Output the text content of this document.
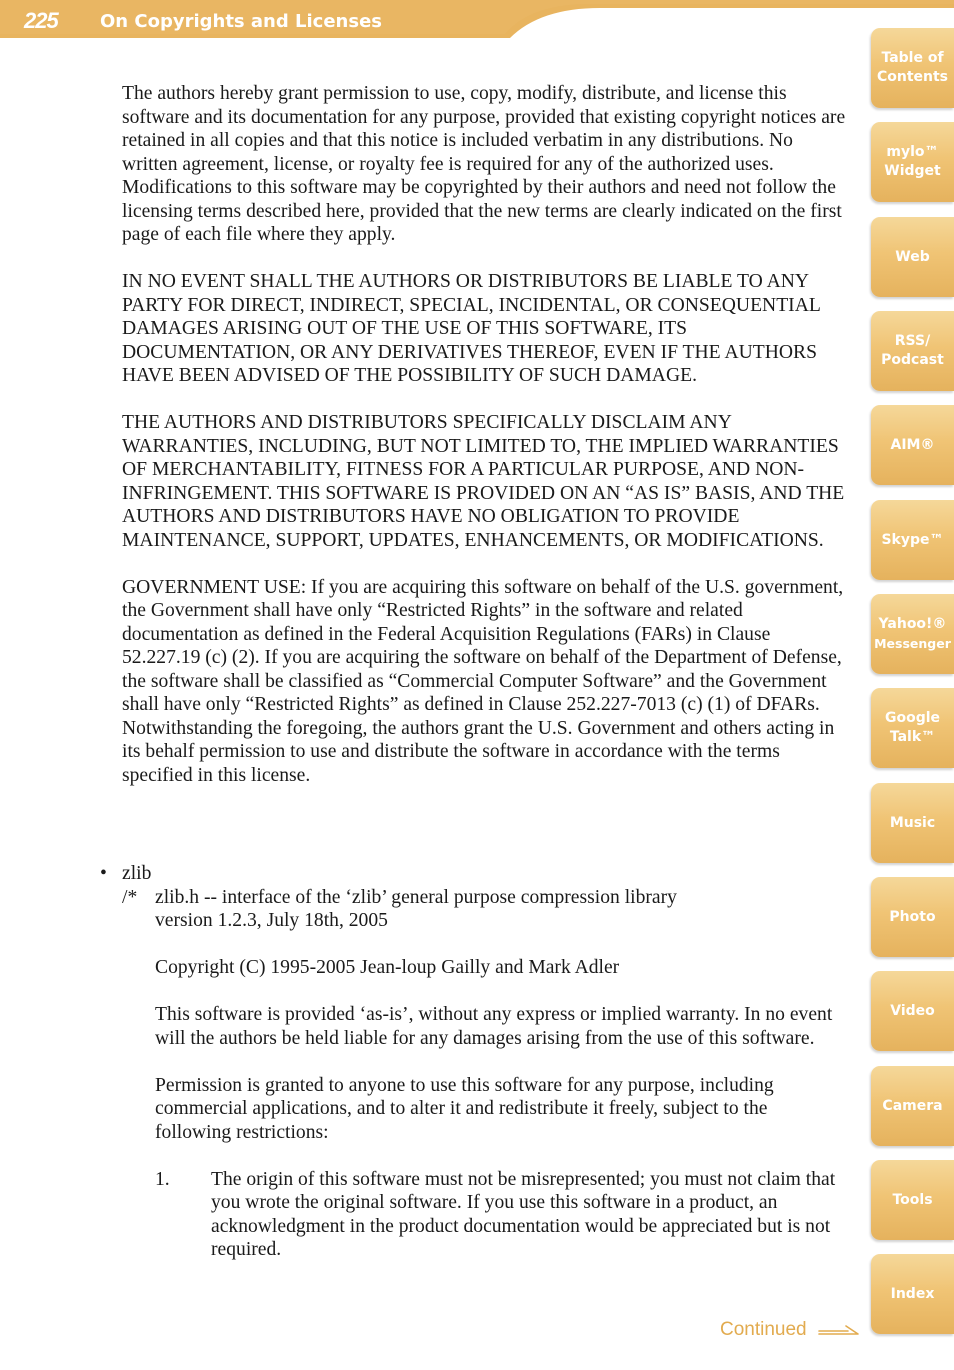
225 On Copyrights and Licenses

The authors hereby grant permission to use, copy, modify, distribute, and license this software and its documentation for any purpose, provided that existing copyright notices are retained in all copies and that this notice is included verbatim in any distributions. No written agreement, license, or royalty fee is required for any of the authorized uses. Modifications to this software may be copyrighted by their authors and need not follow the licensing terms described here, provided that the new terms are clearly indicated on the first page of each file where they apply.

IN NO EVENT SHALL THE AUTHORS OR DISTRIBUTORS BE LIABLE TO ANY PARTY FOR DIRECT, INDIRECT, SPECIAL, INCIDENTAL, OR CONSEQUENTIAL DAMAGES ARISING OUT OF THE USE OF THIS SOFTWARE, ITS DOCUMENTATION, OR ANY DERIVATIVES THEREOF, EVEN IF THE AUTHORS HAVE BEEN ADVISED OF THE POSSIBILITY OF SUCH DAMAGE.

THE AUTHORS AND DISTRIBUTORS SPECIFICALLY DISCLAIM ANY WARRANTIES, INCLUDING, BUT NOT LIMITED TO, THE IMPLIED WARRANTIES OF MERCHANTABILITY, FITNESS FOR A PARTICULAR PURPOSE, AND NON-INFRINGEMENT. THIS SOFTWARE IS PROVIDED ON AN “AS IS” BASIS, AND THE AUTHORS AND DISTRIBUTORS HAVE NO OBLIGATION TO PROVIDE MAINTENANCE, SUPPORT, UPDATES, ENHANCEMENTS, OR MODIFICATIONS.

GOVERNMENT USE: If you are acquiring this software on behalf of the U.S. government, the Government shall have only “Restricted Rights” in the software and related documentation as defined in the Federal Acquisition Regulations (FARs) in Clause 52.227.19 (c) (2). If you are acquiring the software on behalf of the Department of Defense, the software shall be classified as “Commercial Computer Software” and the Government shall have only “Restricted Rights” as defined in Clause 252.227-7013 (c) (1) of DFARs. Notwithstanding the foregoing, the authors grant the U.S. Government and others acting in its behalf permission to use and distribute the software in accordance with the terms specified in this license.

• zlib
/* zlib.h -- interface of the ‘zlib’ general purpose compression library
version 1.2.3, July 18th, 2005

Copyright (C) 1995-2005 Jean-loup Gailly and Mark Adler

This software is provided ‘as-is’, without any express or implied warranty. In no event will the authors be held liable for any damages arising from the use of this software.

Permission is granted to anyone to use this software for any purpose, including commercial applications, and to alter it and redistribute it freely, subject to the following restrictions:

1.	The origin of this software must not be misrepresented; you must not claim that you wrote the original software. If you use this software in a product, an acknowledgment in the product documentation would be appreciated but is not required.
Table of
Contents
mylo™
Widget
Web
RSS/
Podcast
AIM®
Skype™
Yahoo!®
Messenger
Google
Talk™
Music
Photo
Video
Camera
Tools
Index
Continued
